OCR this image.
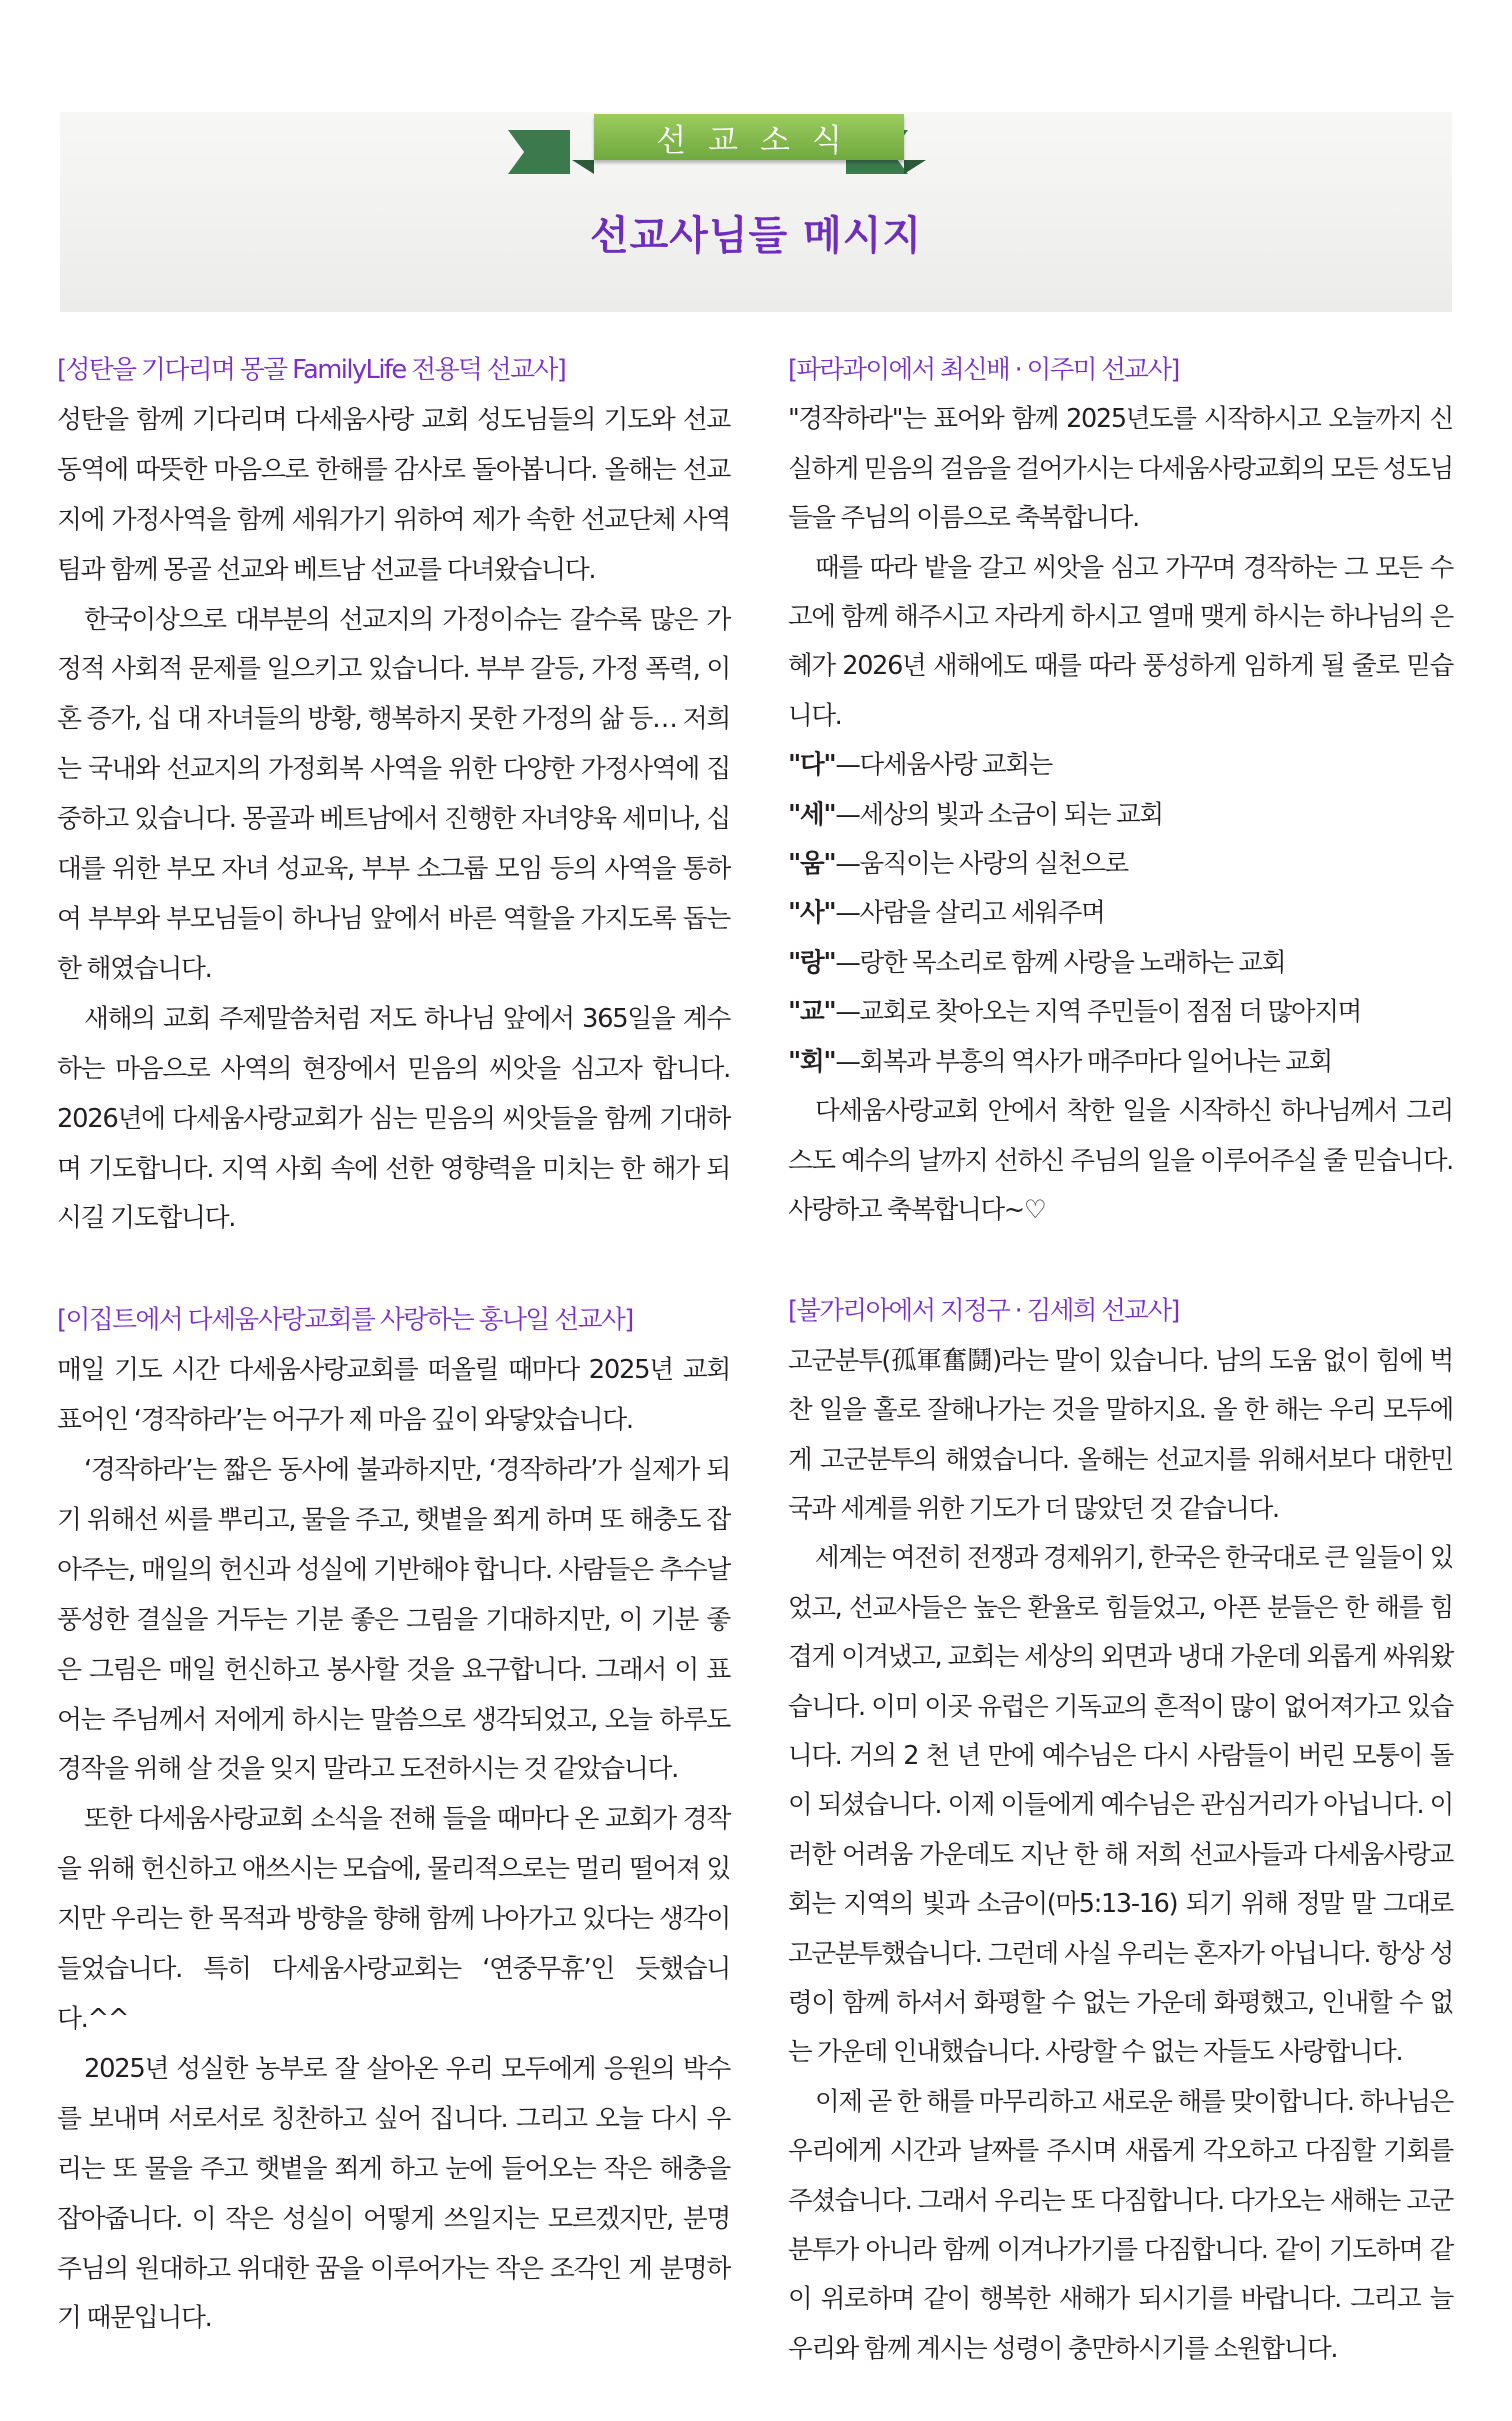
선교소식
선교사님들 메시지
[성탄을 기다리며 몽골 FamilyLife 전용덕 선교사]
성탄을 함께 기다리며 다세움사랑 교회 성도님들의 기도와 선교동역에 따뜻한 마음으로 한해를 감사로 돌아봅니다. 올해는 선교지에 가정사역을 함께 세워가기 위하여 제가 속한 선교단체 사역팀과 함께 몽골 선교와 베트남 선교를 다녀왔습니다.
한국이상으로 대부분의 선교지의 가정이슈는 갈수록 많은 가정적 사회적 문제를 일으키고 있습니다. 부부 갈등, 가정 폭력, 이혼 증가, 십 대 자녀들의 방황, 행복하지 못한 가정의 삶 등… 저희는 국내와 선교지의 가정회복 사역을 위한 다양한 가정사역에 집중하고 있습니다. 몽골과 베트남에서 진행한 자녀양육 세미나, 십 대를 위한 부모 자녀 성교육, 부부 소그룹 모임 등의 사역을 통하여 부부와 부모님들이 하나님 앞에서 바른 역할을 가지도록 돕는 한 해였습니다.
새해의 교회 주제말씀처럼 저도 하나님 앞에서 365일을 계수하는 마음으로 사역의 현장에서 믿음의 씨앗을 심고자 합니다. 2026년에 다세움사랑교회가 심는 믿음의 씨앗들을 함께 기대하며 기도합니다. 지역 사회 속에 선한 영향력을 미치는 한 해가 되시길 기도합니다.
[이집트에서 다세움사랑교회를 사랑하는 홍나일 선교사]
매일 기도 시간 다세움사랑교회를 떠올릴 때마다 2025년 교회 표어인 ‘경작하라’는 어구가 제 마음 깊이 와닿았습니다.
‘경작하라’는 짧은 동사에 불과하지만, ‘경작하라’가 실제가 되기 위해선 씨를 뿌리고, 물을 주고, 햇볕을 쬐게 하며 또 해충도 잡아주는, 매일의 헌신과 성실에 기반해야 합니다. 사람들은 추수날 풍성한 결실을 거두는 기분 좋은 그림을 기대하지만, 이 기분 좋은 그림은 매일 헌신하고 봉사할 것을 요구합니다. 그래서 이 표어는 주님께서 저에게 하시는 말씀으로 생각되었고, 오늘 하루도 경작을 위해 살 것을 잊지 말라고 도전하시는 것 같았습니다.
또한 다세움사랑교회 소식을 전해 들을 때마다 온 교회가 경작을 위해 헌신하고 애쓰시는 모습에, 물리적으로는 멀리 떨어져 있지만 우리는 한 목적과 방향을 향해 함께 나아가고 있다는 생각이 들었습니다. 특히 다세움사랑교회는 ‘연중무휴’인 듯했습니다.^^
2025년 성실한 농부로 잘 살아온 우리 모두에게 응원의 박수를 보내며 서로서로 칭찬하고 싶어 집니다. 그리고 오늘 다시 우리는 또 물을 주고 햇볕을 쬐게 하고 눈에 들어오는 작은 해충을 잡아줍니다. 이 작은 성실이 어떻게 쓰일지는 모르겠지만, 분명 주님의 원대하고 위대한 꿈을 이루어가는 작은 조각인 게 분명하기 때문입니다.
[파라과이에서 최신배 · 이주미 선교사]
"경작하라"는 표어와 함께 2025년도를 시작하시고 오늘까지 신실하게 믿음의 걸음을 걸어가시는 다세움사랑교회의 모든 성도님들을 주님의 이름으로 축복합니다.
때를 따라 밭을 갈고 씨앗을 심고 가꾸며 경작하는 그 모든 수고에 함께 해주시고 자라게 하시고 열매 맺게 하시는 하나님의 은혜가 2026년 새해에도 때를 따라 풍성하게 임하게 될 줄로 믿습니다.
"다"—다세움사랑 교회는
"세"—세상의 빛과 소금이 되는 교회
"움"—움직이는 사랑의 실천으로
"사"—사람을 살리고 세워주며
"랑"—랑한 목소리로 함께 사랑을 노래하는 교회
"교"—교회로 찾아오는 지역 주민들이 점점 더 많아지며
"회"—회복과 부흥의 역사가 매주마다 일어나는 교회
다세움사랑교회 안에서 착한 일을 시작하신 하나님께서 그리스도 예수의 날까지 선하신 주님의 일을 이루어주실 줄 믿습니다. 사랑하고 축복합니다~♡
[불가리아에서 지정구 · 김세희 선교사]
고군분투(孤軍奮鬪)라는 말이 있습니다. 남의 도움 없이 힘에 벅찬 일을 홀로 잘해나가는 것을 말하지요. 올 한 해는 우리 모두에게 고군분투의 해였습니다. 올해는 선교지를 위해서보다 대한민국과 세계를 위한 기도가 더 많았던 것 같습니다.
세계는 여전히 전쟁과 경제위기, 한국은 한국대로 큰 일들이 있었고, 선교사들은 높은 환율로 힘들었고, 아픈 분들은 한 해를 힘겹게 이겨냈고, 교회는 세상의 외면과 냉대 가운데 외롭게 싸워왔습니다. 이미 이곳 유럽은 기독교의 흔적이 많이 없어져가고 있습니다. 거의 2 천 년 만에 예수님은 다시 사람들이 버린 모퉁이 돌이 되셨습니다. 이제 이들에게 예수님은 관심거리가 아닙니다. 이러한 어려움 가운데도 지난 한 해 저희 선교사들과 다세움사랑교회는 지역의 빛과 소금이(마5:13-16) 되기 위해 정말 말 그대로 고군분투했습니다. 그런데 사실 우리는 혼자가 아닙니다. 항상 성령이 함께 하셔서 화평할 수 없는 가운데 화평했고, 인내할 수 없는 가운데 인내했습니다. 사랑할 수 없는 자들도 사랑합니다.
이제 곧 한 해를 마무리하고 새로운 해를 맞이합니다. 하나님은 우리에게 시간과 날짜를 주시며 새롭게 각오하고 다짐할 기회를 주셨습니다. 그래서 우리는 또 다짐합니다. 다가오는 새해는 고군분투가 아니라 함께 이겨나가기를 다짐합니다. 같이 기도하며 같이 위로하며 같이 행복한 새해가 되시기를 바랍니다. 그리고 늘 우리와 함께 계시는 성령이 충만하시기를 소원합니다.
